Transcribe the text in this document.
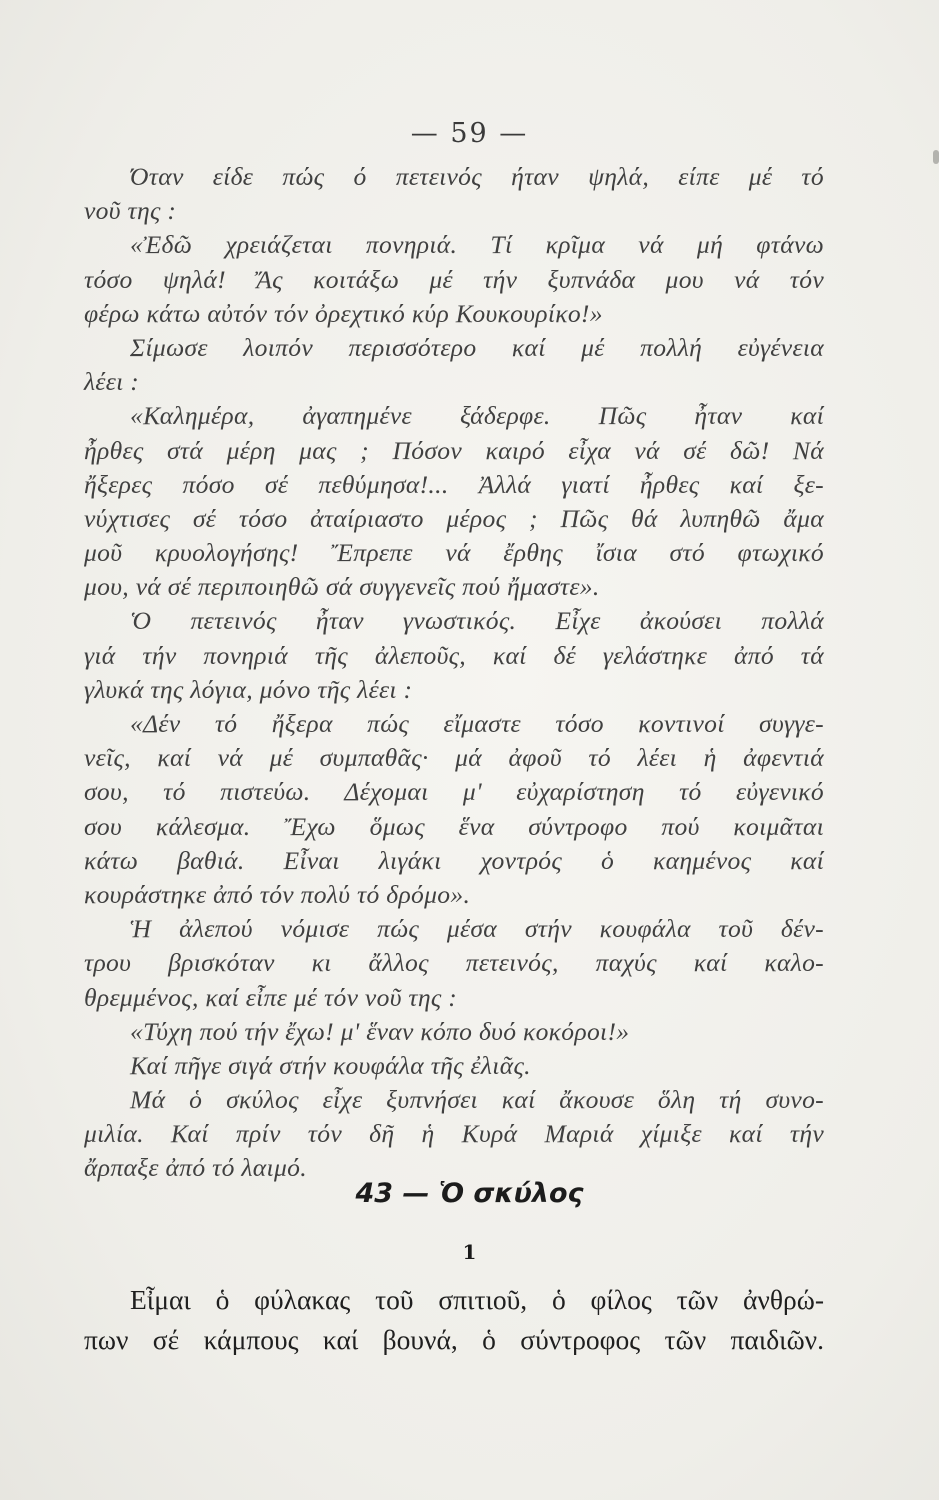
— 59 —
Όταν είδε πώς ό πετεινός ήταν ψηλά, είπε μέ τό
νοῦ της :
«Ἐδῶ χρειάζεται πονηριά. Τί κρῖμα νά μή φτάνω
τόσο ψηλά! Ἄς κοιτάξω μέ τήν ξυπνάδα μου νά τόν
φέρω κάτω αὐτόν τόν ὀρεχτικό κύρ Κουκουρίκο!»
Σίμωσε λοιπόν περισσότερο καί μέ πολλή εὐγένεια
λέει :
«Καλημέρα, ἀγαπημένε ξάδερφε. Πῶς ἦταν καί
ἦρθες στά μέρη μας ; Πόσον καιρό εἶχα νά σέ δῶ! Νά
ἤξερες πόσο σέ πεθύμησα!... Ἀλλά γιατί ἦρθες καί ξε-
νύχτισες σέ τόσο ἀταίριαστο μέρος ; Πῶς θά λυπηθῶ ἄμα
μοῦ κρυολογήσης! Ἔπρεπε νά ἔρθης ἴσια στό φτωχικό
μου, νά σέ περιποιηθῶ σά συγγενεῖς πού ἤμαστε».
Ὁ πετεινός ἦταν γνωστικός. Εἶχε ἀκούσει πολλά
γιά τήν πονηριά τῆς ἀλεποῦς, καί δέ γελάστηκε ἀπό τά
γλυκά της λόγια, μόνο τῆς λέει :
«Δέν τό ἤξερα πώς εἴμαστε τόσο κοντινοί συγγε-
νεῖς, καί νά μέ συμπαθᾶς· μά ἀφοῦ τό λέει ἡ ἀφεντιά
σου, τό πιστεύω. Δέχομαι μ' εὐχαρίστηση τό εὐγενικό
σου κάλεσμα. Ἔχω ὅμως ἕνα σύντροφο πού κοιμᾶται
κάτω βαθιά. Εἶναι λιγάκι χοντρός ὁ καημένος καί
κουράστηκε ἀπό τόν πολύ τό δρόμο».
Ἡ ἀλεπού νόμισε πώς μέσα στήν κουφάλα τοῦ δέν-
τρου βρισκόταν κι ἄλλος πετεινός, παχύς καί καλο-
θρεμμένος, καί εἶπε μέ τόν νοῦ της :
«Τύχη πού τήν ἔχω! μ' ἕναν κόπο δυό κοκόροι!»
Καί πῆγε σιγά στήν κουφάλα τῆς ἐλιᾶς.
Μά ὁ σκύλος εἶχε ξυπνήσει καί ἄκουσε ὅλη τή συνο-
μιλία. Καί πρίν τόν δῆ ἡ Κυρά Μαριά χίμιξε καί τήν
ἄρπαξε ἀπό τό λαιμό.
43 — Ὁ σκύλος
1
Εἶμαι ὁ φύλακας τοῦ σπιτιοῦ, ὁ φίλος τῶν ἀνθρώ-
πων σέ κάμπους καί βουνά, ὁ σύντροφος τῶν παιδιῶν.
